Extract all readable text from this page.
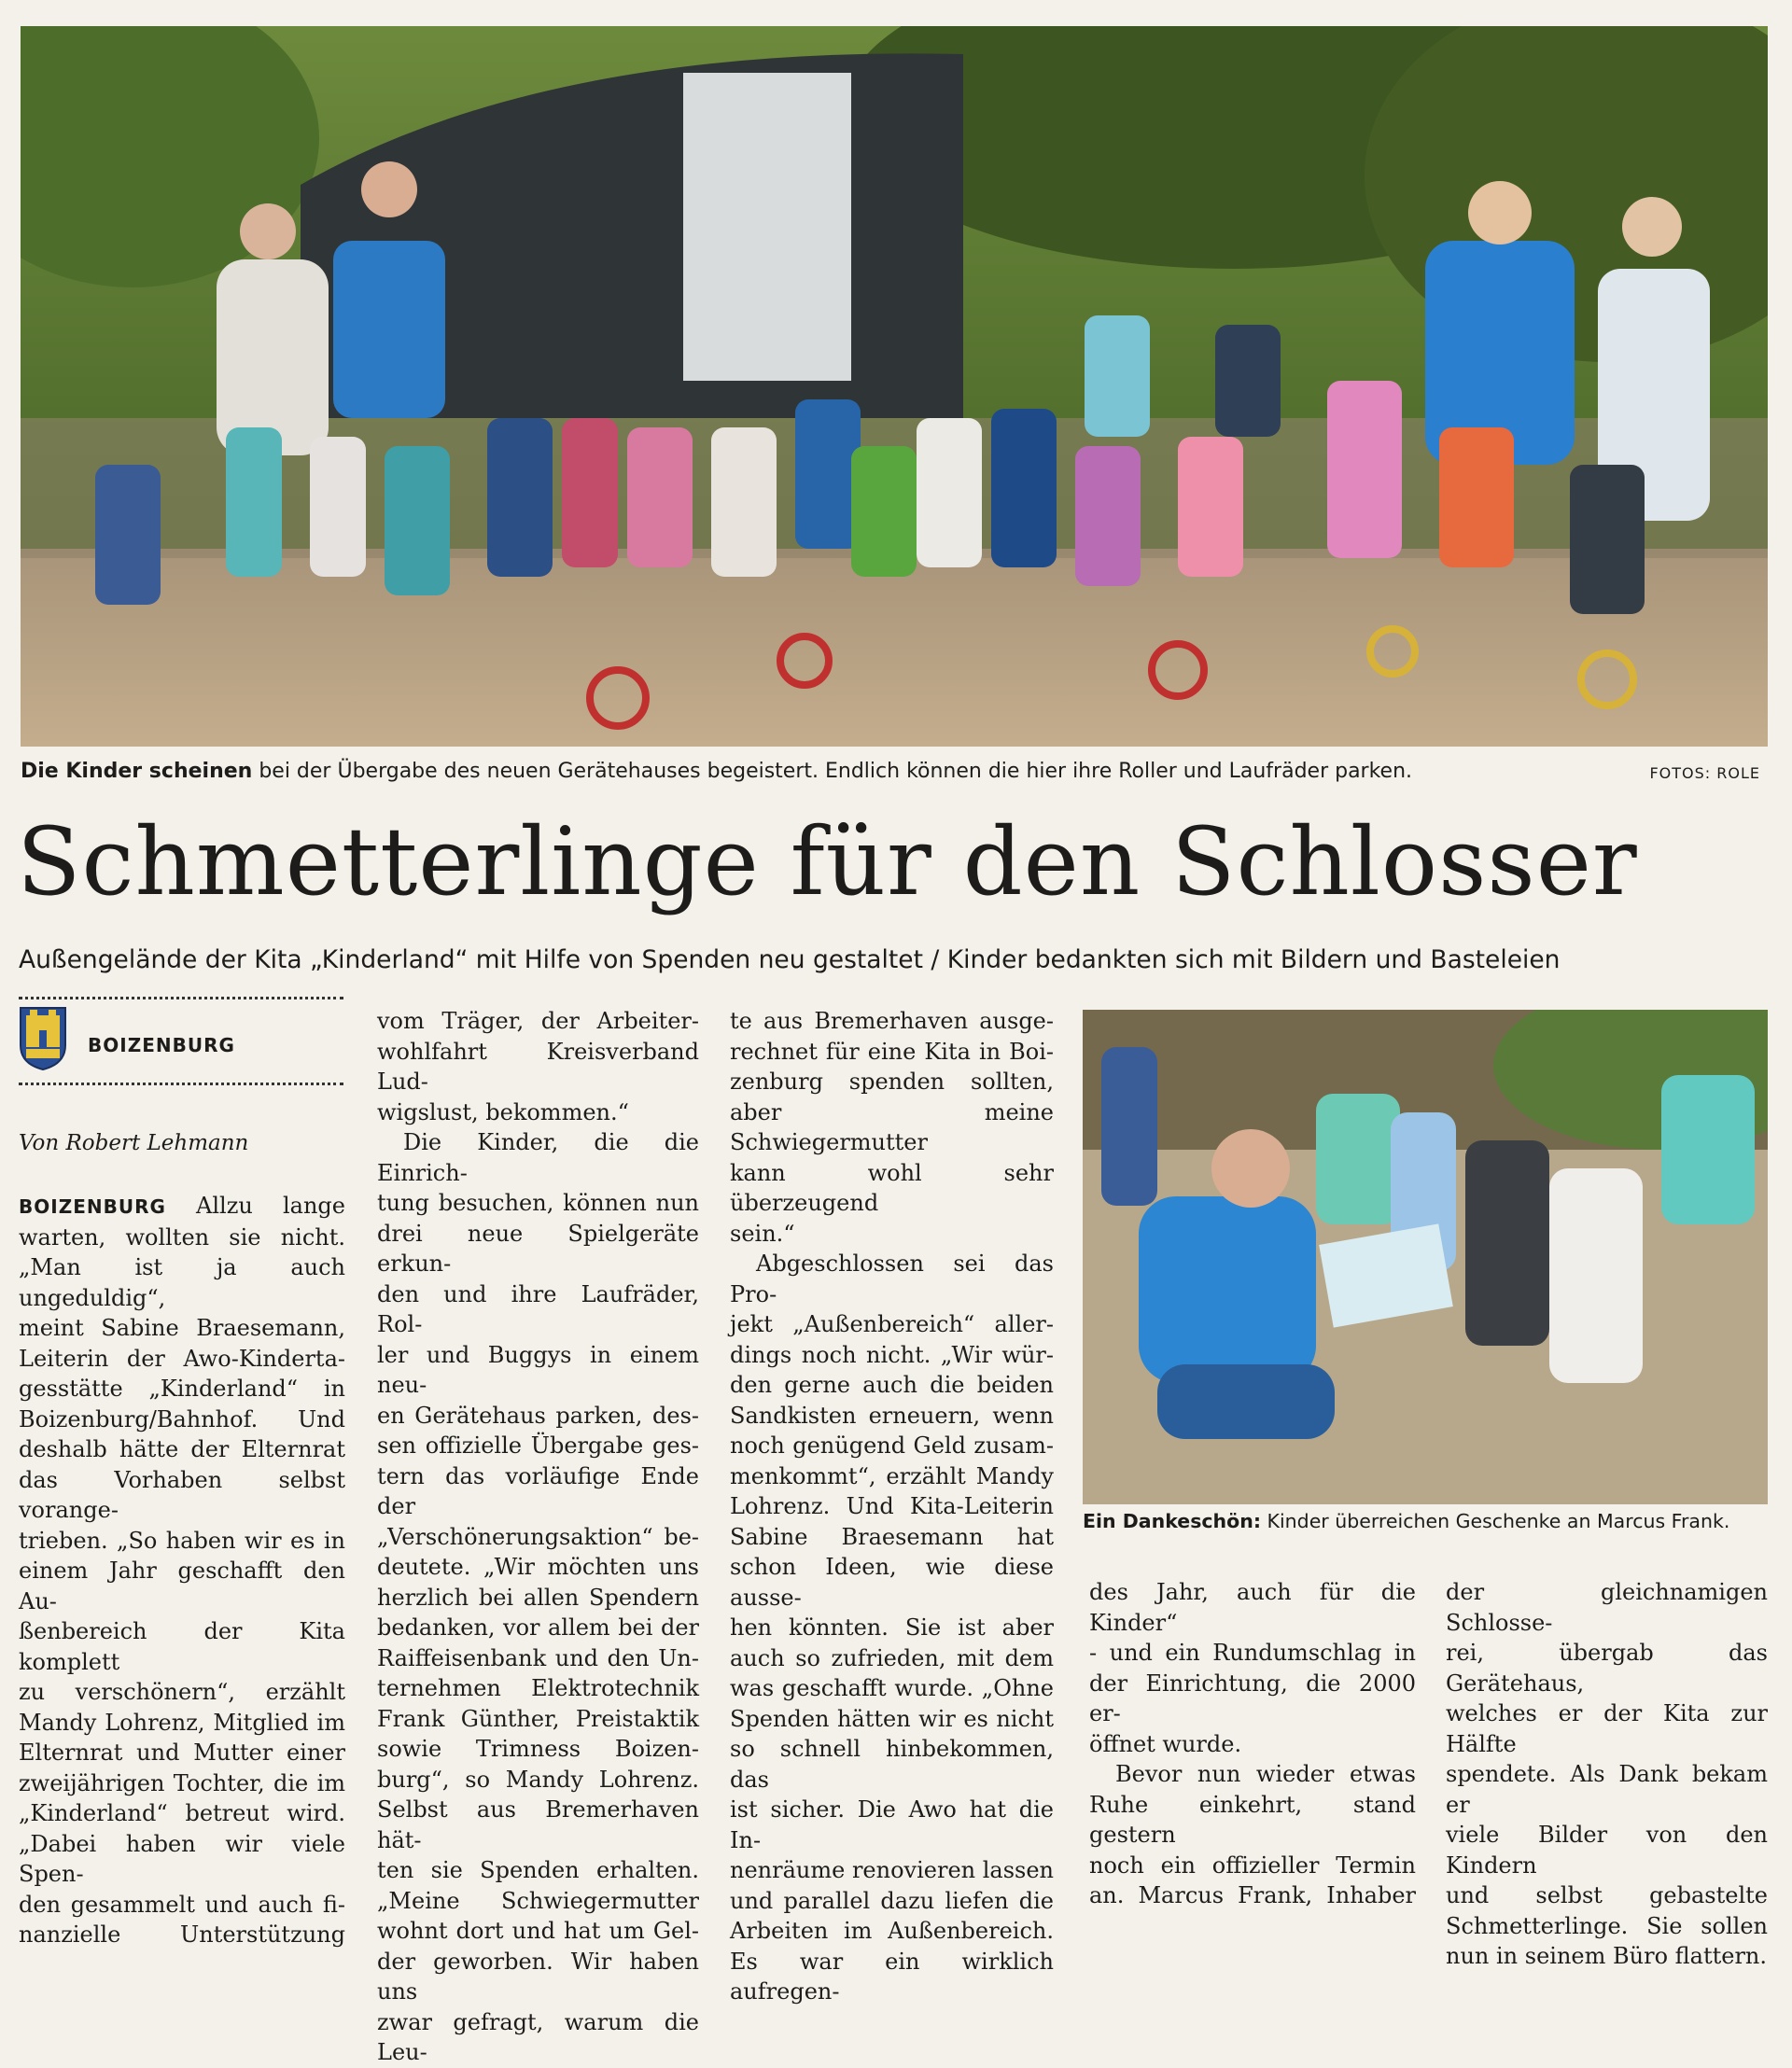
Die Kinder scheinen bei der Übergabe des neuen Gerätehauses begeistert. Endlich können die hier ihre Roller und Laufräder parken.	FOTOS: ROLE
Schmetterlinge für den Schlosser
Außengelände der Kita „Kinderland“ mit Hilfe von Spenden neu gestaltet / Kinder bedankten sich mit Bildern und Basteleien
BOIZENBURG
Von Robert Lehmann

BOIZENBURG Allzu lange

warten, wollten sie nicht.

„Man ist ja auch ungeduldig“,

meint Sabine Braesemann,

Leiterin der Awo-Kinderta-

gesstätte „Kinderland“ in

Boizenburg/Bahnhof. Und

deshalb hätte der Elternrat

das Vorhaben selbst vorange-

trieben. „So haben wir es in

einem Jahr geschafft den Au-

ßenbereich der Kita komplett

zu verschönern“, erzählt

Mandy Lohrenz, Mitglied im

Elternrat und Mutter einer

zweijährigen Tochter, die im

„Kinderland“ betreut wird.

„Dabei haben wir viele Spen-

den gesammelt und auch fi-

nanzielle Unterstützung

vom Träger, der Arbeiter-

wohlfahrt Kreisverband Lud-

wigslust, bekommen.“

Die Kinder, die die Einrich-

tung besuchen, können nun

drei neue Spielgeräte erkun-

den und ihre Laufräder, Rol-

ler und Buggys in einem neu-

en Gerätehaus parken, des-

sen offizielle Übergabe ges-

tern das vorläufige Ende der

„Verschönerungsaktion“ be-

deutete. „Wir möchten uns

herzlich bei allen Spendern

bedanken, vor allem bei der

Raiffeisenbank und den Un-

ternehmen Elektrotechnik

Frank Günther, Preistaktik

sowie Trimness Boizen-

burg“, so Mandy Lohrenz.

Selbst aus Bremerhaven hät-

ten sie Spenden erhalten.

„Meine Schwiegermutter

wohnt dort und hat um Gel-

der geworben. Wir haben uns

zwar gefragt, warum die Leu-

te aus Bremerhaven ausge-

rechnet für eine Kita in Boi-

zenburg spenden sollten,

aber meine Schwiegermutter

kann wohl sehr überzeugend

sein.“

Abgeschlossen sei das Pro-

jekt „Außenbereich“ aller-

dings noch nicht. „Wir wür-

den gerne auch die beiden

Sandkisten erneuern, wenn

noch genügend Geld zusam-

menkommt“, erzählt Mandy

Lohrenz. Und Kita-Leiterin

Sabine Braesemann hat

schon Ideen, wie diese ausse-

hen könnten. Sie ist aber

auch so zufrieden, mit dem

was geschafft wurde. „Ohne

Spenden hätten wir es nicht

so schnell hinbekommen, das

ist sicher. Die Awo hat die In-

nenräume renovieren lassen

und parallel dazu liefen die

Arbeiten im Außenbereich.

Es war ein wirklich aufregen-

Ein Dankeschön: Kinder überreichen Geschenke an Marcus Frank.

des Jahr, auch für die Kinder“

- und ein Rundumschlag in

der Einrichtung, die 2000 er-

öffnet wurde.

Bevor nun wieder etwas

Ruhe einkehrt, stand gestern

noch ein offizieller Termin

an. Marcus Frank, Inhaber

der gleichnamigen Schlosse-

rei, übergab das Gerätehaus,

welches er der Kita zur Hälfte

spendete. Als Dank bekam er

viele Bilder von den Kindern

und selbst gebastelte

Schmetterlinge. Sie sollen

nun in seinem Büro flattern.
